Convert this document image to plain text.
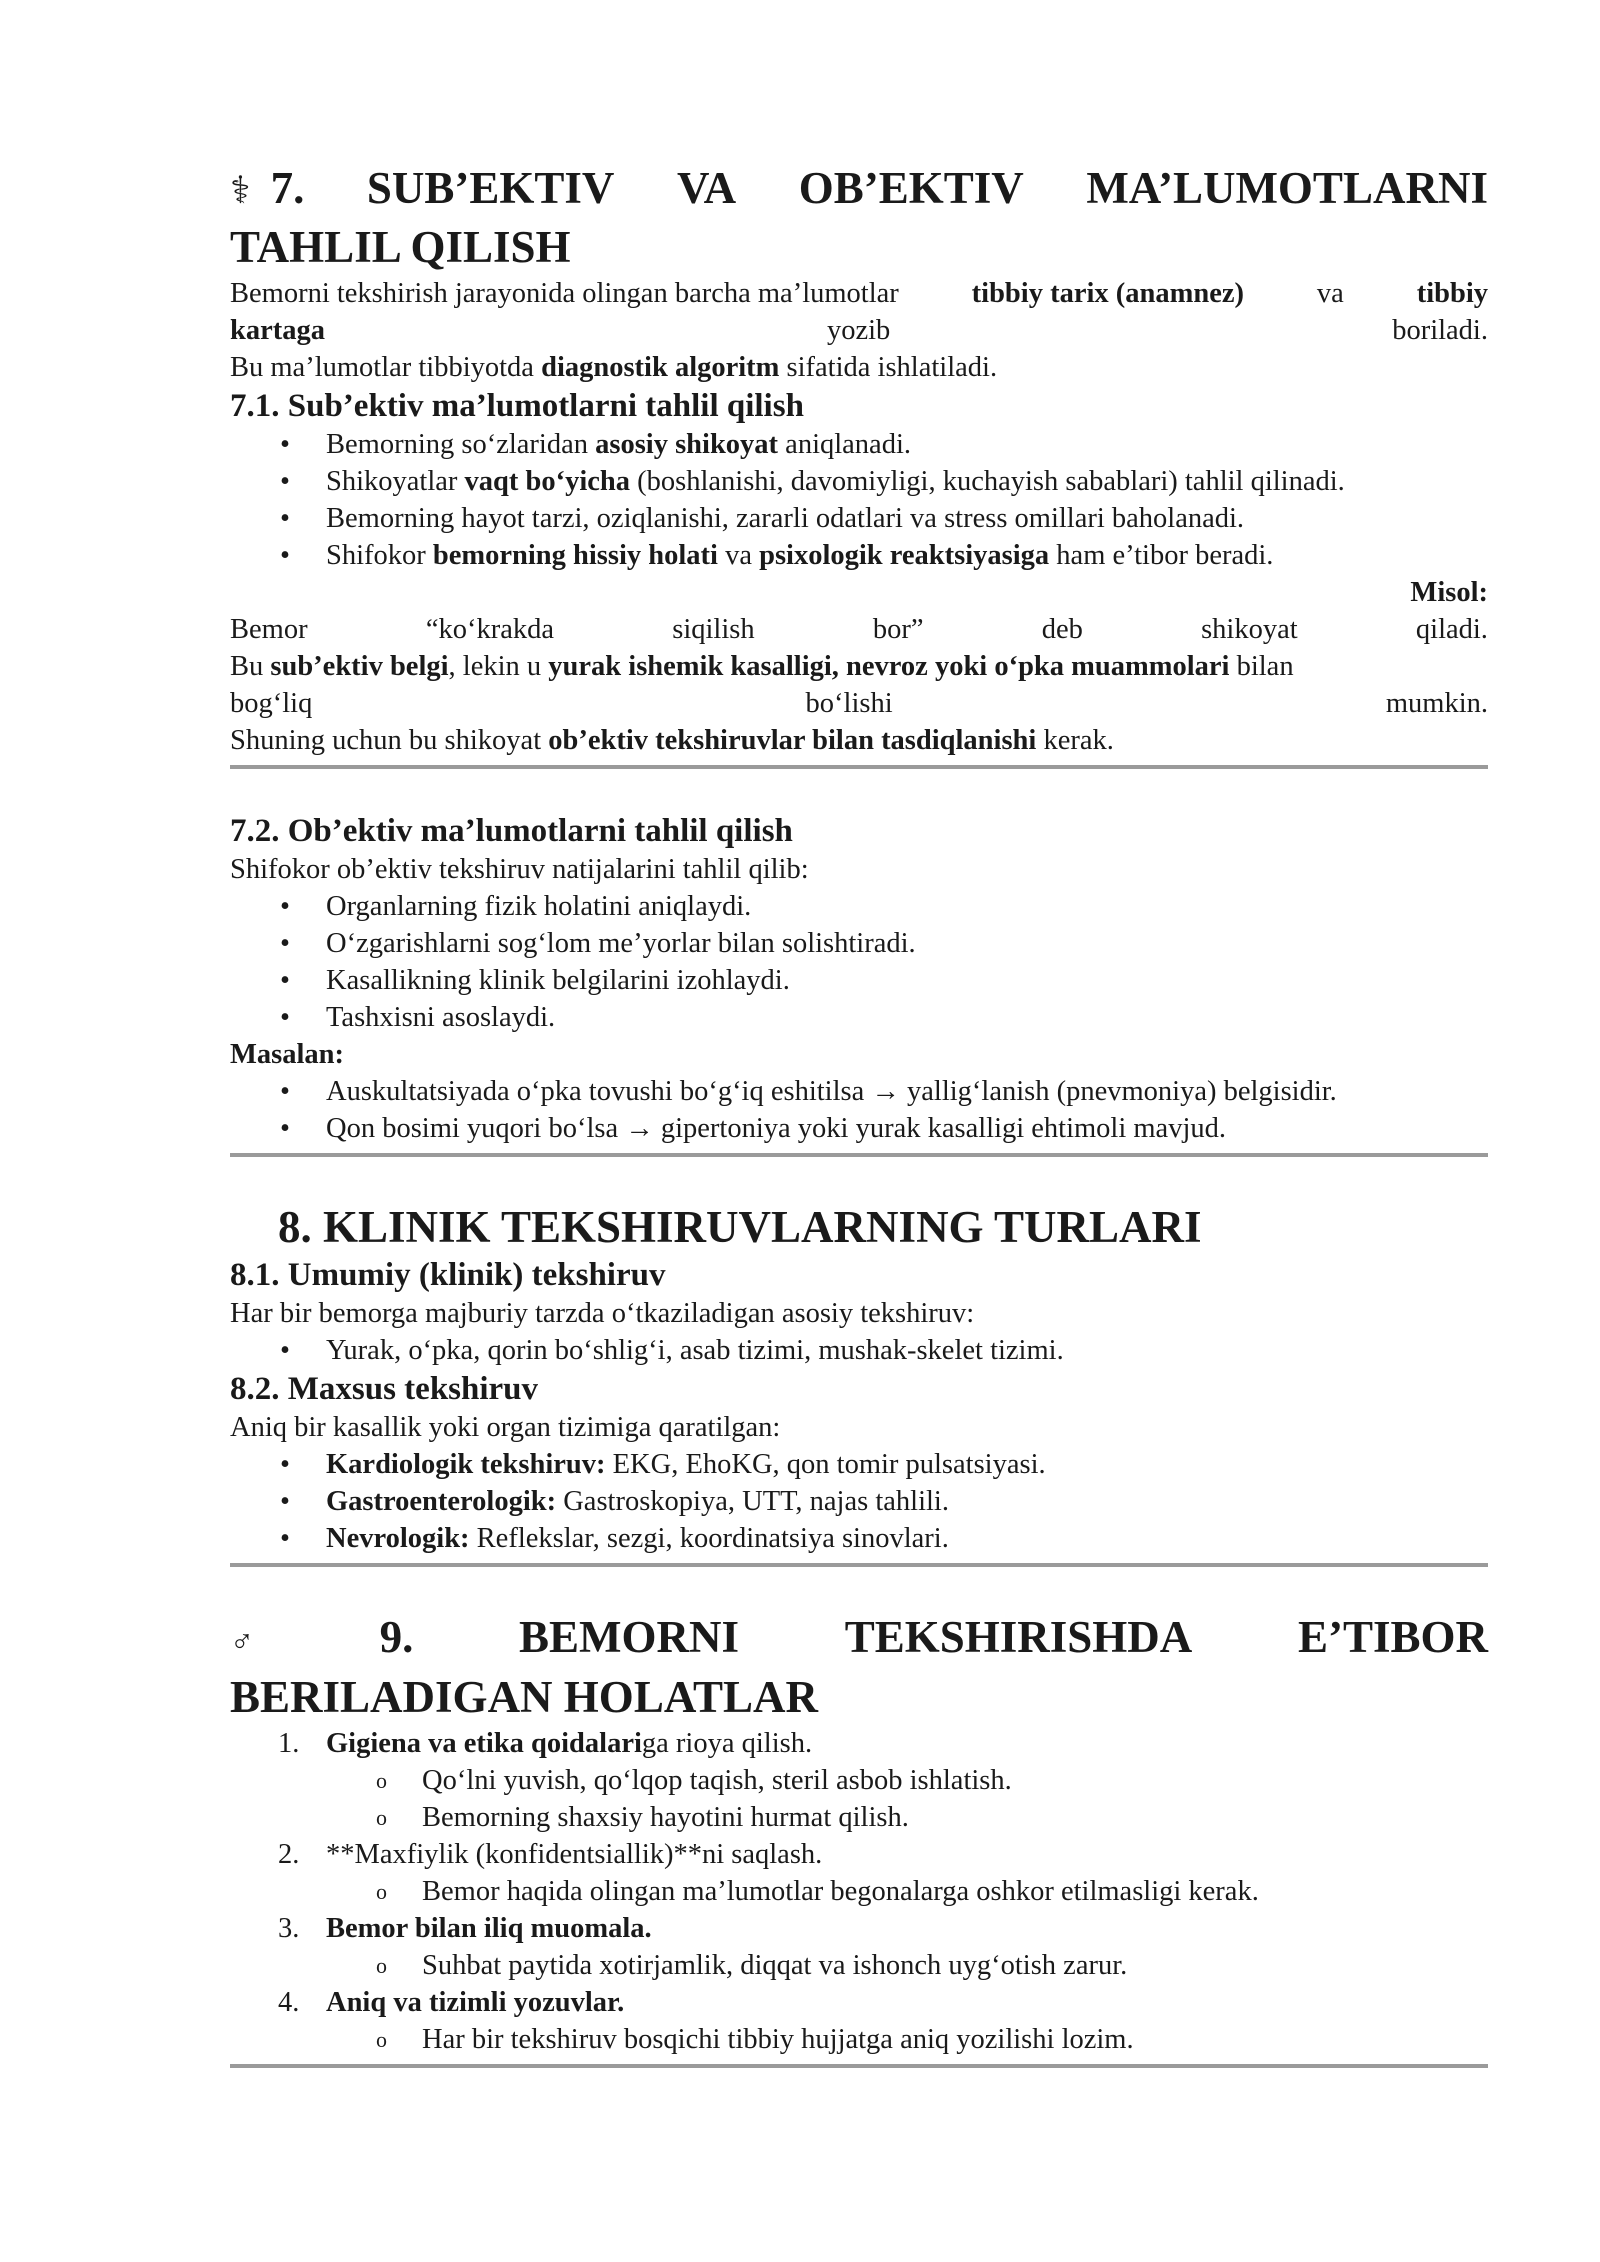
⚕ 7. SUB’EKTIV VA OB’EKTIV MA’LUMOTLARNI

TAHLIL QILISH

Bemorni tekshirish jarayonida olingan barcha ma’lumotlar	tibbiy tarix (anamnez)	va	tibbiy

kartaga	yozib	boriladi.

Bu ma’lumotlar tibbiyotda diagnostik algoritm sifatida ishlatiladi.

7.1. Sub’ektiv ma’lumotlarni tahlil qilish

• Bemorning so‘zlaridan asosiy shikoyat aniqlanadi.
• Shikoyatlar vaqt bo‘yicha (boshlanishi, davomiyligi, kuchayish sabablari) tahlil qilinadi.
• Bemorning hayot tarzi, oziqlanishi, zararli odatlari va stress omillari baholanadi.
• Shifokor bemorning hissiy holati va psixologik reaktsiyasiga ham e’tibor beradi.

Misol:

Bemor	“ko‘krakda	siqilish	bor”	deb	shikoyat	qiladi.

Bu sub’ektiv belgi, lekin u yurak ishemik kasalligi, nevroz yoki o‘pka muammolari bilan

bog‘liq	bo‘lishi	mumkin.

Shuning uchun bu shikoyat ob’ektiv tekshiruvlar bilan tasdiqlanishi kerak.

7.2. Ob’ektiv ma’lumotlarni tahlil qilish

Shifokor ob’ektiv tekshiruv natijalarini tahlil qilib:

• Organlarning fizik holatini aniqlaydi.
• O‘zgarishlarni sog‘lom me’yorlar bilan solishtiradi.
• Kasallikning klinik belgilarini izohlaydi.
• Tashxisni asoslaydi.

Masalan:

• Auskultatsiyada o‘pka tovushi bo‘g‘iq eshitilsa → yallig‘lanish (pnevmoniya) belgisidir.
• Qon bosimi yuqori bo‘lsa → gipertoniya yoki yurak kasalligi ehtimoli mavjud.

8. KLINIK TEKSHIRUVLARNING TURLARI

8.1. Umumiy (klinik) tekshiruv

Har bir bemorga majburiy tarzda o‘tkaziladigan asosiy tekshiruv:

• Yurak, o‘pka, qorin bo‘shlig‘i, asab tizimi, mushak-skelet tizimi.

8.2. Maxsus tekshiruv

Aniq bir kasallik yoki organ tizimiga qaratilgan:

• Kardiologik tekshiruv: EKG, EhoKG, qon tomir pulsatsiyasi.
• Gastroenterologik: Gastroskopiya, UTT, najas tahlili.
• Nevrologik: Reflekslar, sezgi, koordinatsiya sinovlari.
♂	9. BEMORNI TEKSHIRISHDA E’TIBOR

BERILADIGAN HOLATLAR

1. Gigiena va etika qoidalariga rioya qilish.
o Qo‘lni yuvish, qo‘lqop taqish, steril asbob ishlatish.
o Bemorning shaxsiy hayotini hurmat qilish.
2. **Maxfiylik (konfidentsiallik)**ni saqlash.
o Bemor haqida olingan ma’lumotlar begonalarga oshkor etilmasligi kerak.
3. Bemor bilan iliq muomala.
o Suhbat paytida xotirjamlik, diqqat va ishonch uyg‘otish zarur.
4. Aniq va tizimli yozuvlar.
o Har bir tekshiruv bosqichi tibbiy hujjatga aniq yozilishi lozim.
